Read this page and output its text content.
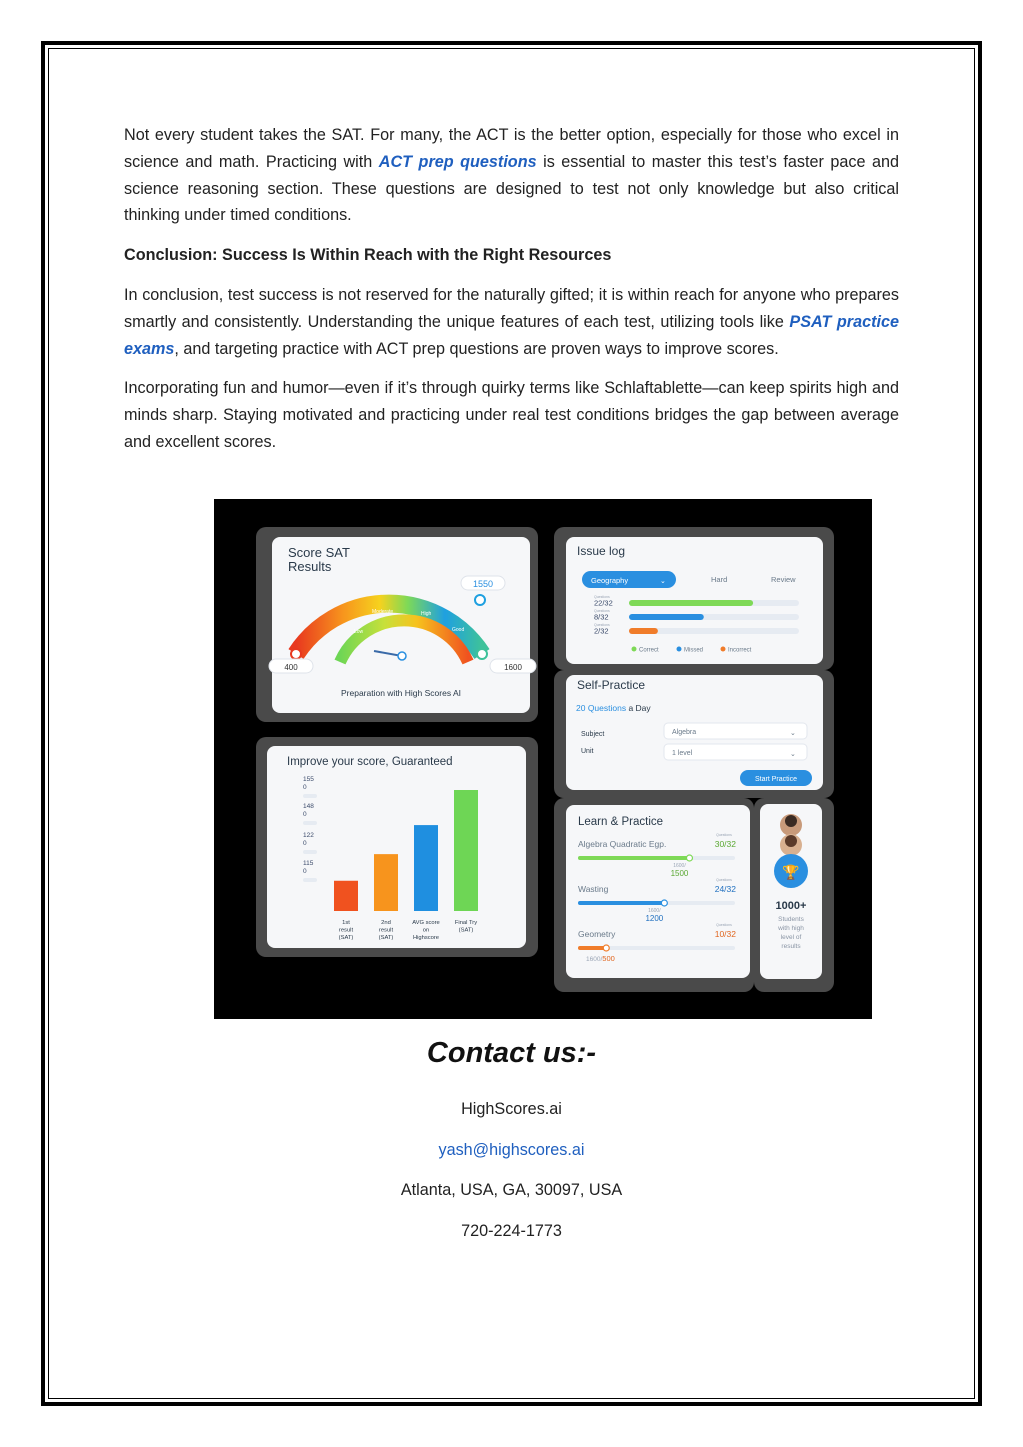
Not every student takes the SAT. For many, the ACT is the better option, especially for those who excel in science and math. Practicing with ACT prep questions is essential to master this test’s faster pace and science reasoning section. These questions are designed to test not only knowledge but also critical thinking under timed conditions.

Conclusion: Success Is Within Reach with the Right Resources

In conclusion, test success is not reserved for the naturally gifted; it is within reach for anyone who prepares smartly and consistently. Understanding the unique features of each test, utilizing tools like PSAT practice exams, and targeting practice with ACT prep questions are proven ways to improve scores.

Incorporating fun and humor—even if it’s through quirky terms like Schlaftablette—can keep spirits high and minds sharp. Staying motivated and practicing under real test conditions bridges the gap between average and excellent scores.

Score SAT
Results
Low
Moderate	High
Good
1550
400	1600
Preparation with High Scores AI
Issue log
Geography	⌄	Hard	Review
Questions
22/32
Questions
8/32
Questions
2/32
Correct	Missed	Incorrect
Self-Practice
20 Questions a Day
Subject	Algebra	⌄
Unit	1 level	⌄
Start Practice
Improve your score, Guaranteed
155
0
148
0
122
0
115
0
1st
result
(SAT)
2nd
result
(SAT)
AVG score
on
Highscore
Final Try
(SAT)
Learn & Practice
Questions
Algebra Quadratic Egp.	30/32
1600/
1500
Questions
Wasting	24/32
1600/
1200
Questions
Geometry	10/32
1600/500
🏆
1000+
Students
with high
level of
results
Contact us:-
HighScores.ai
yash@highscores.ai
Atlanta, USA, GA, 30097, USA
720-224-1773
